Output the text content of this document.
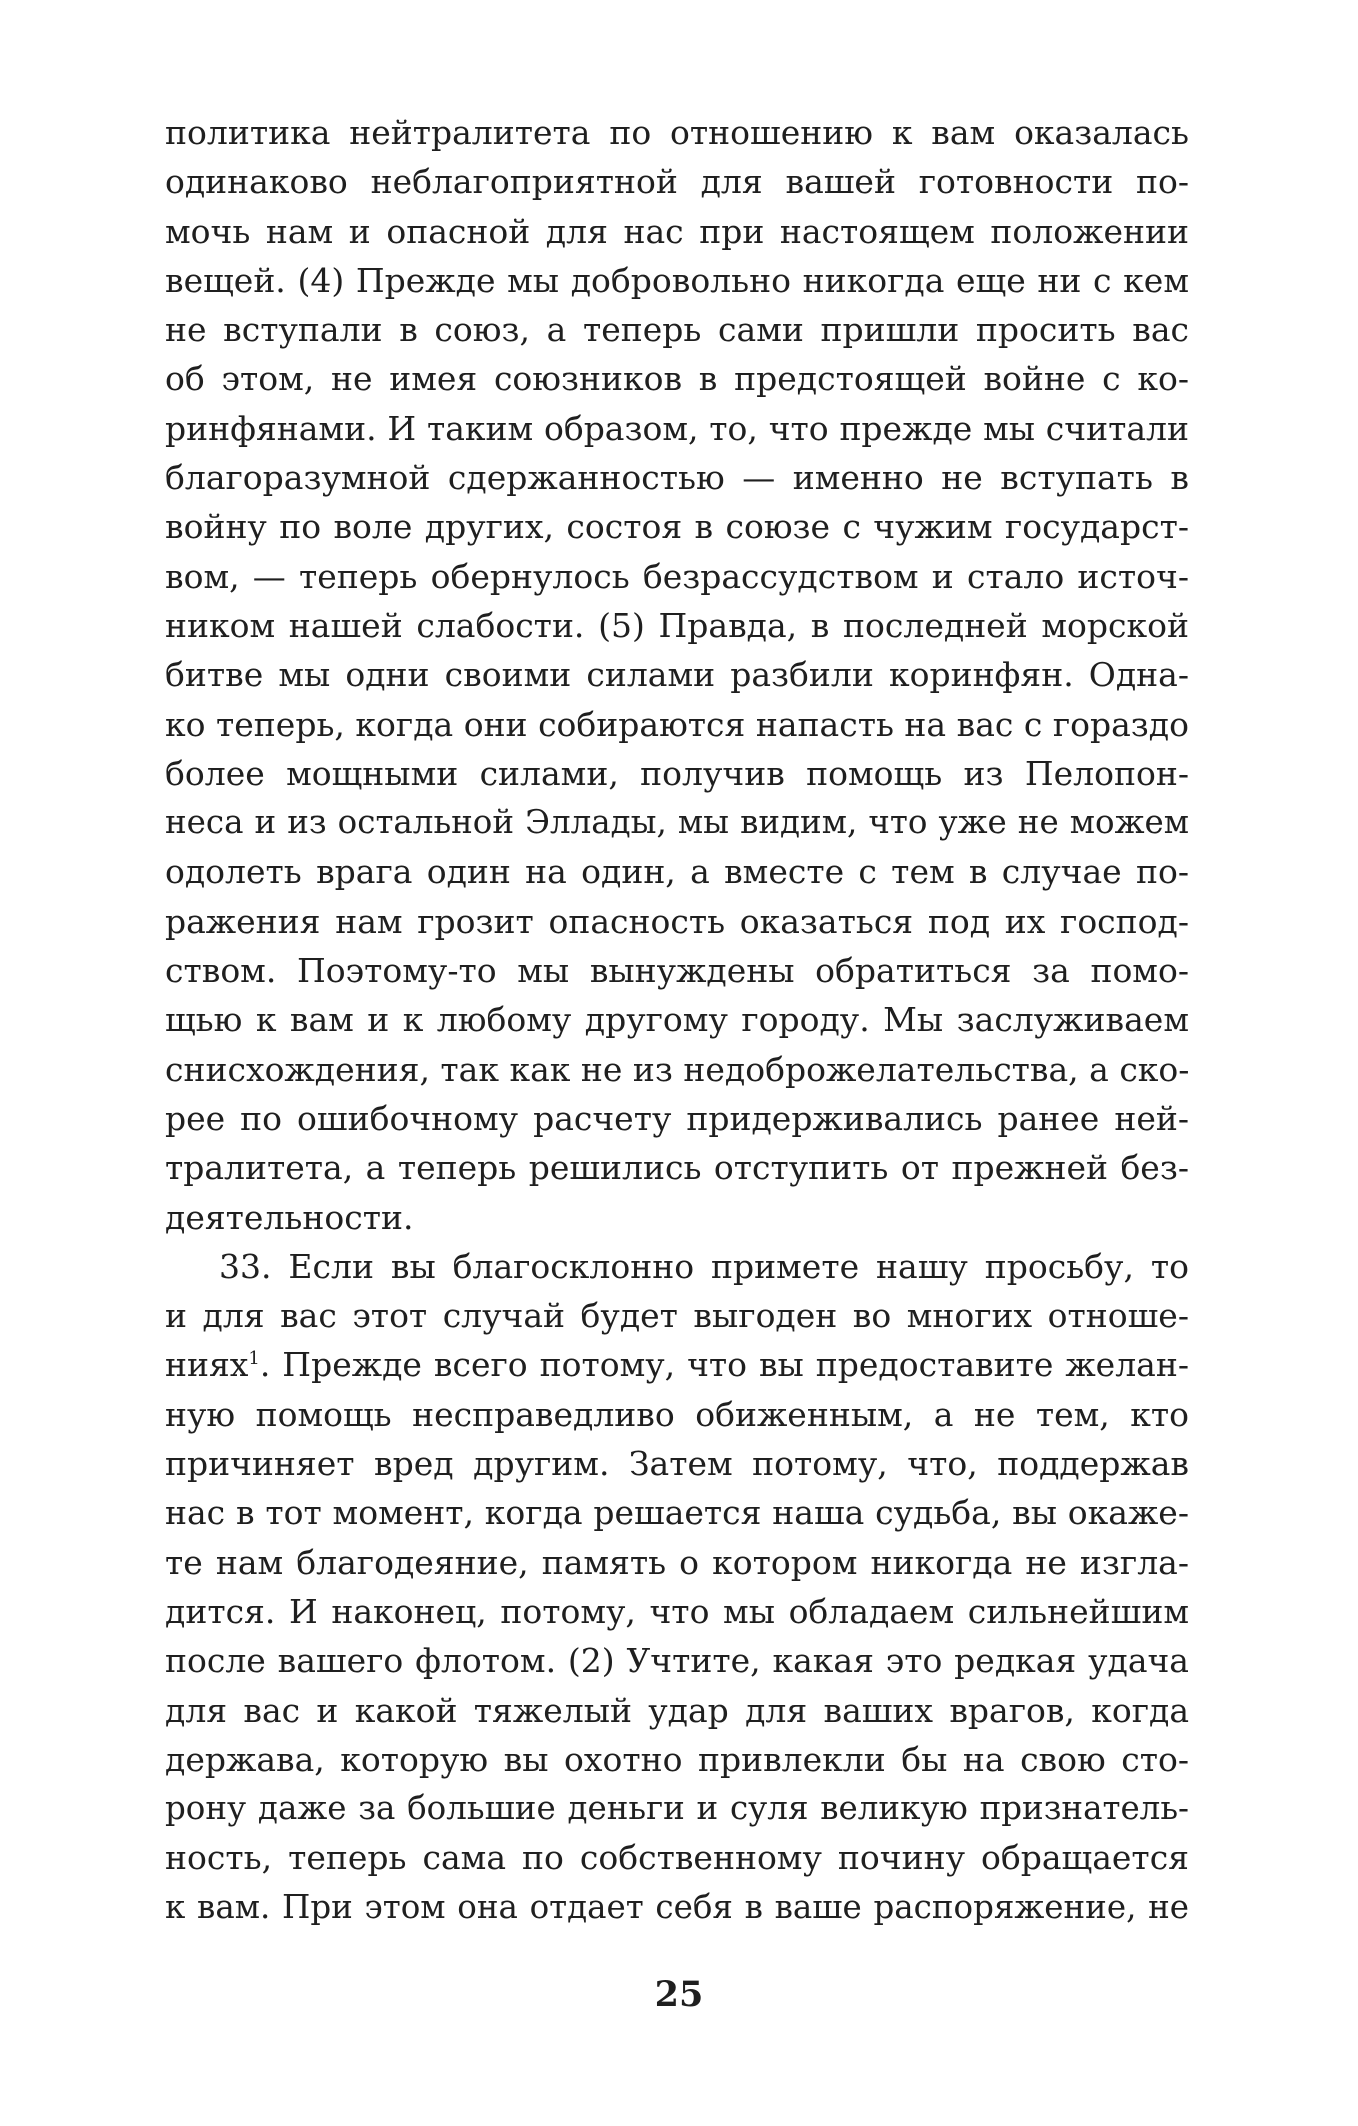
политика нейтралитета по отношению к вам оказалась
одинаково неблагоприятной для вашей готовности по-
мочь нам и опасной для нас при настоящем положении
вещей. (4) Прежде мы добровольно никогда еще ни с кем
не вступали в союз, а теперь сами пришли просить вас
об этом, не имея союзников в предстоящей войне с ко-
ринфянами. И таким образом, то, что прежде мы считали
благоразумной сдержанностью — именно не вступать в
войну по воле других, состоя в союзе с чужим государст-
вом, — теперь обернулось безрассудством и стало источ-
ником нашей слабости. (5) Правда, в последней морской
битве мы одни своими силами разбили коринфян. Одна-
ко теперь, когда они собираются напасть на вас с гораздо
более мощными силами, получив помощь из Пелопон-
неса и из остальной Эллады, мы видим, что уже не можем
одолеть врага один на один, а вместе с тем в случае по-
ражения нам грозит опасность оказаться под их господ-
ством. Поэтому-то мы вынуждены обратиться за помо-
щью к вам и к любому другому городу. Мы заслуживаем
снисхождения, так как не из недоброжелательства, а ско-
рее по ошибочному расчету придерживались ранее ней-
тралитета, а теперь решились отступить от прежней без-
деятельности.
33. Если вы благосклонно примете нашу просьбу, то
и для вас этот случай будет выгоден во многих отноше-
ниях$^1$. Прежде всего потому, что вы предоставите желан-
ную помощь несправедливо обиженным, а не тем, кто
причиняет вред другим. Затем потому, что, поддержав
нас в тот момент, когда решается наша судьба, вы окаже-
те нам благодеяние, память о котором никогда не изгла-
дится. И наконец, потому, что мы обладаем сильнейшим
после вашего флотом. (2) Учтите, какая это редкая удача
для вас и какой тяжелый удар для ваших врагов, когда
держава, которую вы охотно привлекли бы на свою сто-
рону даже за большие деньги и суля великую признатель-
ность, теперь сама по собственному почину обращается
к вам. При этом она отдает себя в ваше распоряжение, не
25
